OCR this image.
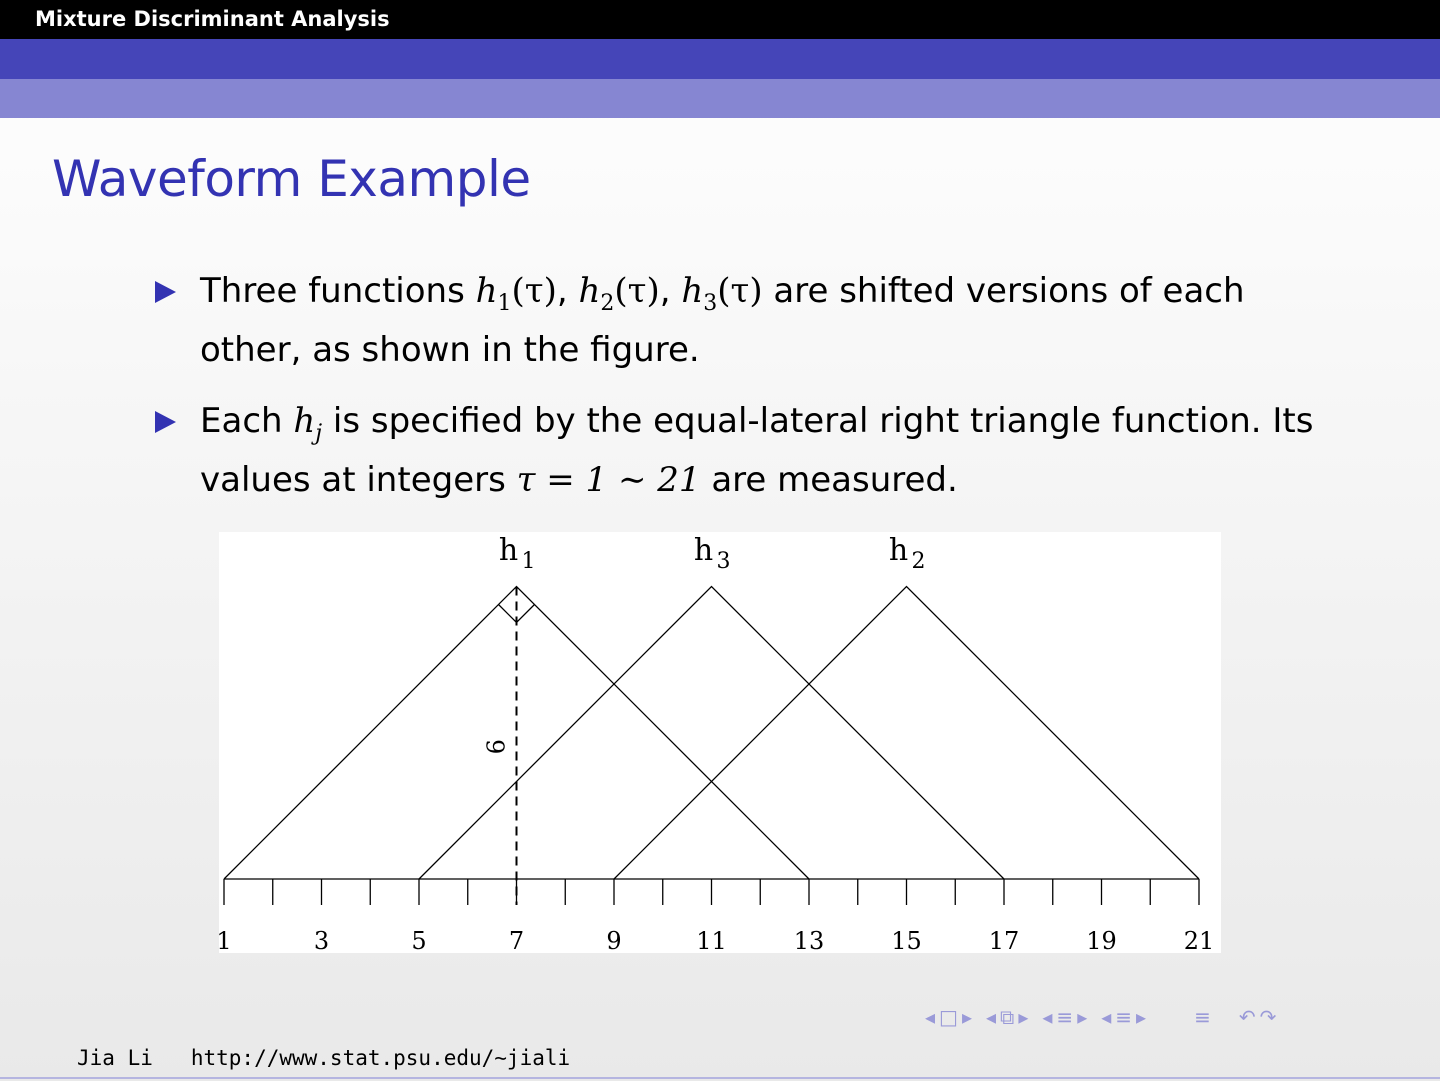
Mixture Discriminant Analysis
Waveform Example
Three functions $h_1(\tau)$, $h_2(\tau)$, $h_3(\tau)$ are shifted versions of each other, as shown in the figure.
Each $h_j$ is specified by the equal-lateral right triangle function. Its values at integers τ = 1 ∼ 21 are measured.
1	3	5	7	9	11	13	15	17	19	21
6
h 1	h 3	h 2
◂ □ ▸ ◂ ⧉ ▸ ◂ ≡ ▸ ◂ ≡ ▸ ≡ ↶ ↷
Jia Li http://www.stat.psu.edu/∼jiali
